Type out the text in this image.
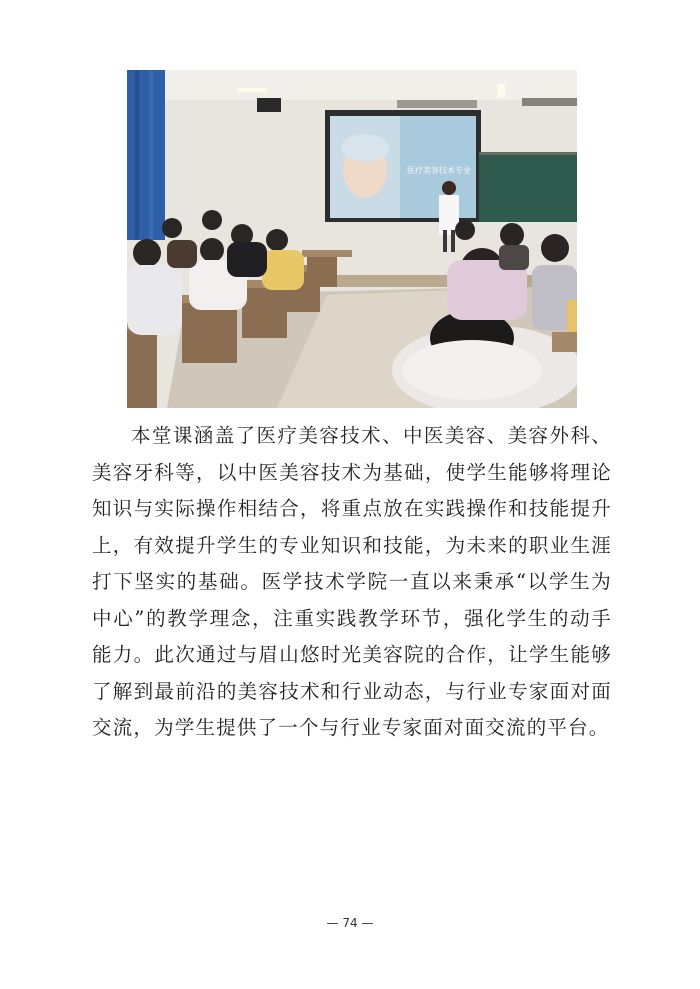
医疗美容技术专业

本堂课涵盖了医疗美容技术、中医美容、美容外科、美容牙科等，以中医美容技术为基础，使学生能够将理论知识与实际操作相结合，将重点放在实践操作和技能提升上，有效提升学生的专业知识和技能，为未来的职业生涯打下坚实的基础。医学技术学院一直以来秉承“以学生为中心”的教学理念，注重实践教学环节，强化学生的动手能力。此次通过与眉山悠时光美容院的合作，让学生能够了解到最前沿的美容技术和行业动态，与行业专家面对面交流，为学生提供了一个与行业专家面对面交流的平台。

— 74 —
